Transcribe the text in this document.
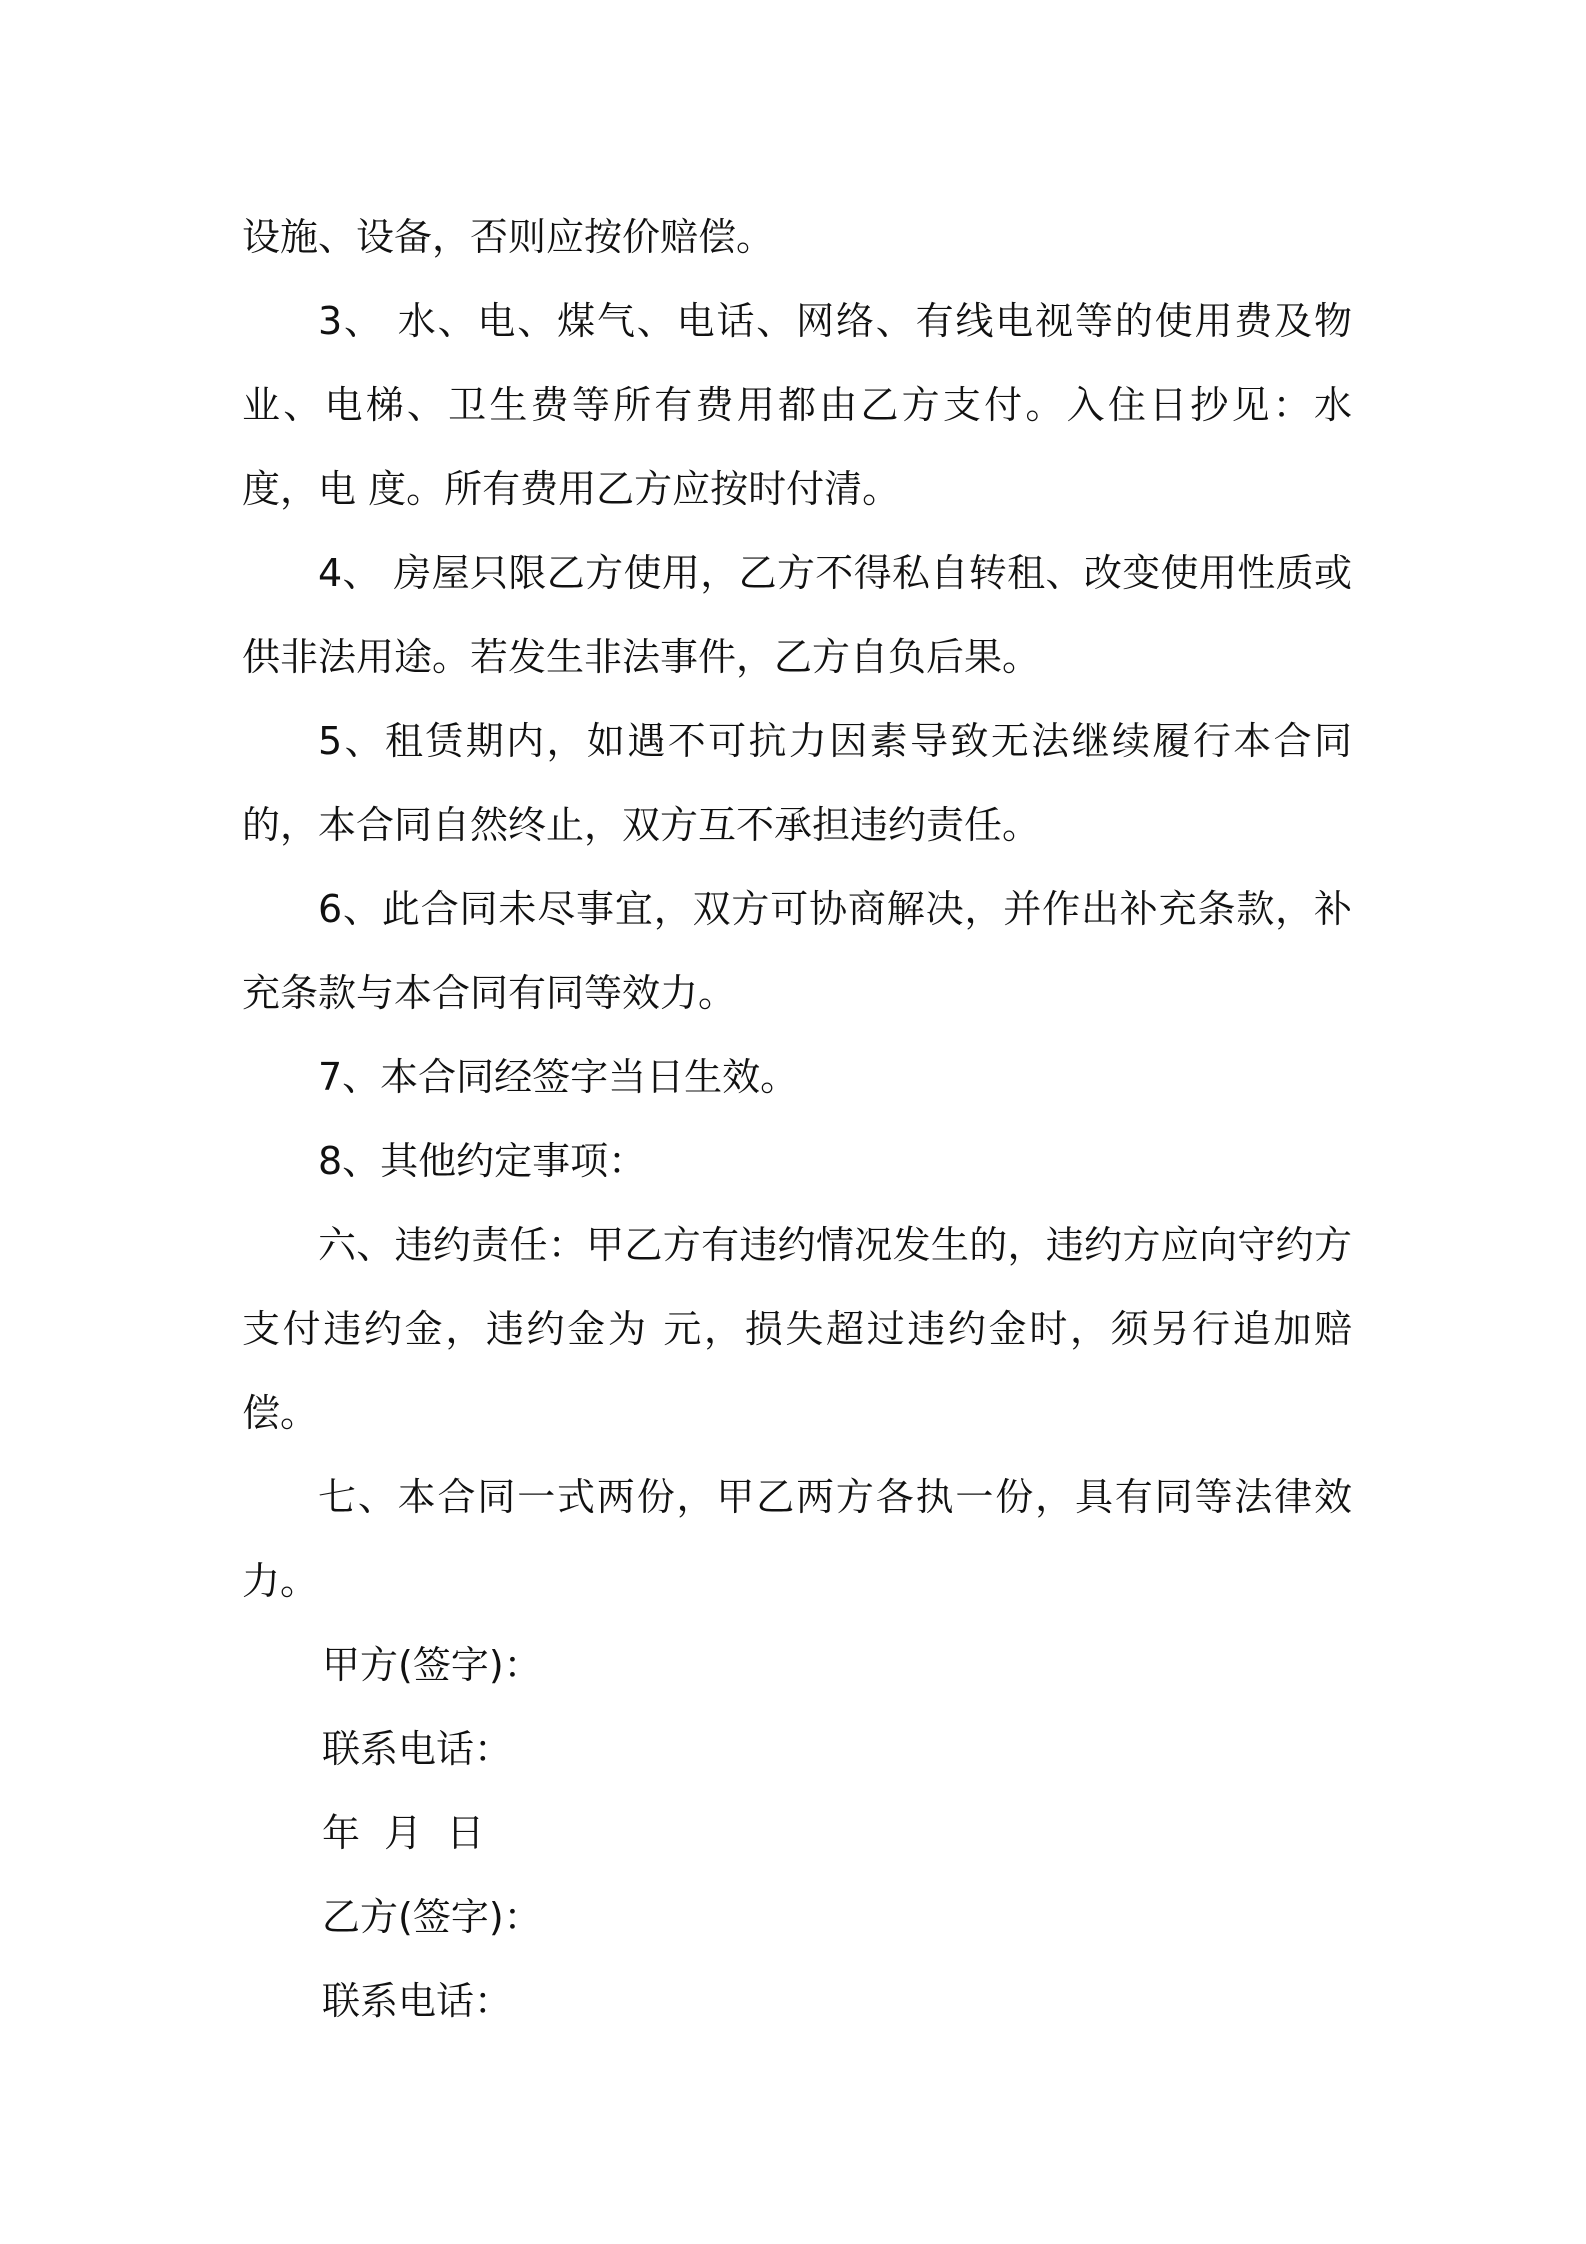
设施、设备，否则应按价赔偿。

3、 水、电、煤气、电话、网络、有线电视等的使用费及物业、电梯、卫生费等所有费用都由乙方支付。入住日抄见：水 度，电 度。所有费用乙方应按时付清。

4、 房屋只限乙方使用，乙方不得私自转租、改变使用性质或供非法用途。若发生非法事件，乙方自负后果。

5、租赁期内，如遇不可抗力因素导致无法继续履行本合同的，本合同自然终止，双方互不承担违约责任。

6、此合同未尽事宜，双方可协商解决，并作出补充条款，补充条款与本合同有同等效力。

7、本合同经签字当日生效。

8、其他约定事项：

六、违约责任：甲乙方有违约情况发生的，违约方应向守约方支付违约金，违约金为 元，损失超过违约金时，须另行追加赔偿。

七、本合同一式两份，甲乙两方各执一份，具有同等法律效力。

甲方(签字)：

联系电话：

年  月  日

乙方(签字)：

联系电话：
